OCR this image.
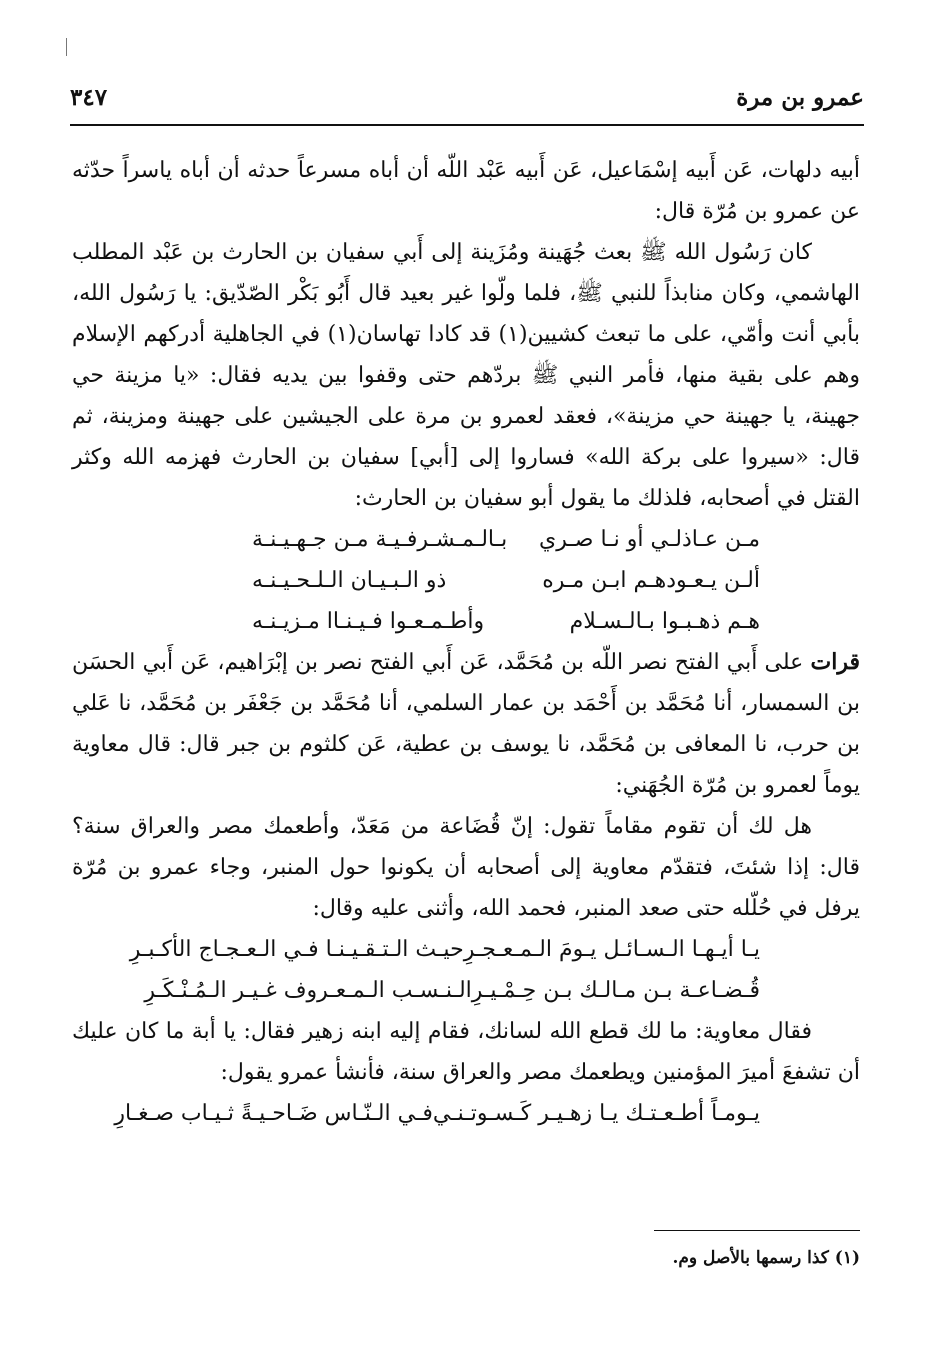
عمرو بن مرة
٣٤٧

أبيه دلهات، عَن أَبيه إسْمَاعيل، عَن أَبيه عَبْد اللّه أن أباه مسرعاً حدثه أن أباه ياسراً حدّثه عن عمرو بن مُرّة قال:

كان رَسُول الله ﷺ بعث جُهَينة ومُزَينة إلى أَبي سفيان بن الحارث بن عَبْد المطلب الهاشمي، وكان منابذاً للنبي ﷺ، فلما ولّوا غير بعيد قال أَبُو بَكْر الصّدّيق: يا رَسُول الله، بأبي أنت وأمّي، على ما تبعث كشيين(١) قد كادا تهاسان(١) في الجاهلية أدركهم الإسلام وهم على بقية منها، فأمر النبي ﷺ بردّهم حتى وقفوا بين يديه فقال: «يا مزينة حي جهينة، يا جهينة حي مزينة»، فعقد لعمرو بن مرة على الجيشين على جهينة ومزينة، ثم قال: «سيروا على بركة الله» فساروا إلى [أبي] سفيان بن الحارث فهزمه الله وكثر القتل في أصحابه، فلذلك ما يقول أبو سفيان بن الحارث:

مـن عـاذلـي أو نـا صـري
بـالـمـشـرفـيـة مـن جـهـيـنـة
ألـن يـعـودهـم ابـن مـره
ذو الـبـيـان الـلـحـيـنـه
هـم ذهـبـوا بـالـسـلام
وأطـمـعـوا فـيـنـاا مـزيـنـه

قرات على أَبي الفتح نصر اللّه بن مُحَمَّد، عَن أَبي الفتح نصر بن إبْرَاهيم، عَن أَبي الحسَن بن السمسار، أنا مُحَمَّد بن أَحْمَد بن عمار السلمي، أنا مُحَمَّد بن جَعْفَر بن مُحَمَّد، نا عَلي بن حرب، نا المعافى بن مُحَمَّد، نا يوسف بن عطية، عَن كلثوم بن جبر قال: قال معاوية يوماً لعمرو بن مُرّة الجُهَني:

هل لك أن تقوم مقاماً تقول: إنّ قُضَاعة من مَعَدّ، وأطعمك مصر والعراق سنة؟ قال: إذا شئتَ، فتقدّم معاوية إلى أصحابه أن يكونوا حول المنبر، وجاء عمرو بن مُرّة يرفل في حُلّله حتى صعد المنبر، فحمد الله، وأثنى عليه وقال:

يـا أيـهـا الـسـائـل يـومَ الـمـعـجـرِ
حيـث الـتـقـيـنـا فـي الـعـجـاج الأكـبـرِ
قُـضـاعـة بـن مـالـك بـن حِـمْـيـرِ
الـنـسـب الـمـعـروف غـيـر الـمُـنْـكَـرِ

فقال معاوية: ما لك قطع الله لسانك، فقام إليه ابنه زهير فقال: يا أبة ما كان عليك أن تشفعَ أميرَ المؤمنين ويطعمك مصر والعراق سنة، فأنشأ عمرو يقول:

يـومـاً أطـعـتـك يـا زهـيـر كَـسـوتـنـي
فـي الـنّـاس ضَـاحـيـةً ثـيـاب صـغـارِ
(١) كذا رسمها بالأصل وم.
